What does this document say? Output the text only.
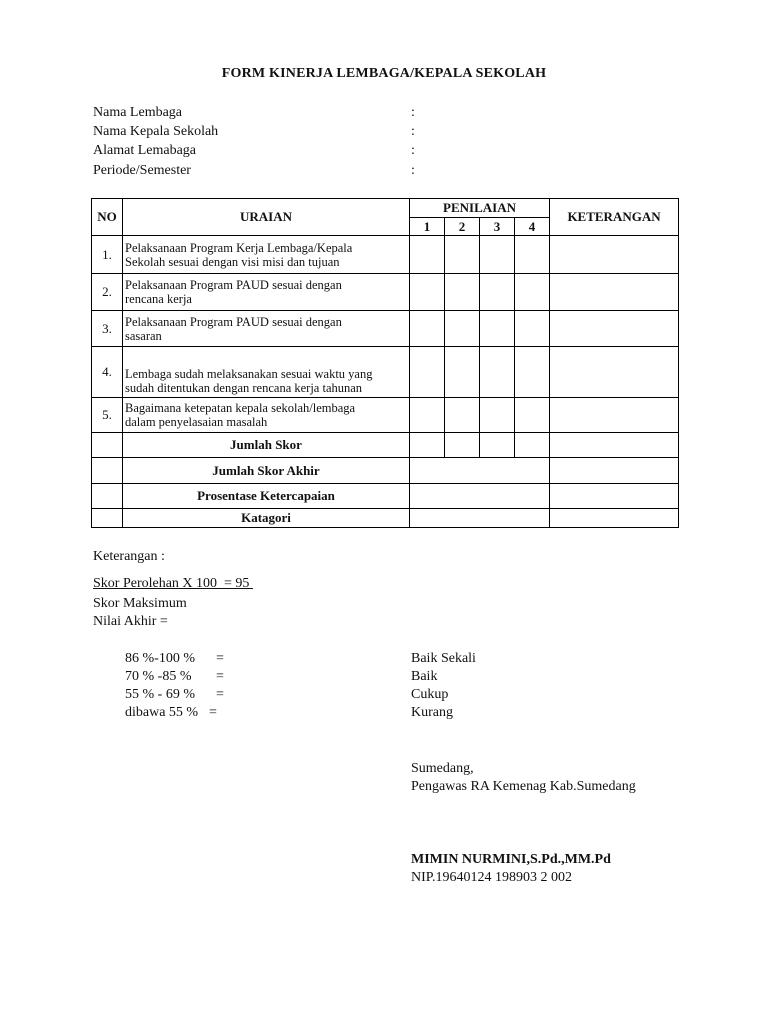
FORM KINERJA LEMBAGA/KEPALA SEKOLAH
Nama Lembaga	:
Nama Kepala Sekolah	:
Alamat Lemabaga	:
Periode/Semester	:
NO	URAIAN	PENILAIAN				KETERANGAN
		1	2	3	4	
1.	Pelaksanaan Program Kerja Lembaga/Kepala
Sekolah sesuai dengan visi misi dan tujuan					

2.	Pelaksanaan Program PAUD sesuai dengan
rencana kerja					

3.	Pelaksanaan Program PAUD sesuai dengan
sasaran					

4.	Lembaga sudah melaksanakan sesuai waktu yang
sudah ditentukan dengan rencana kerja tahunan					

5.	Bagaimana ketepatan kepala sekolah/lembaga
dalam penyelasaian masalah					

	Jumlah Skor					
	Jumlah Skor Akhir					
	Prosentase Ketercapaian					
	Katagori					
Keterangan :
Skor Perolehan X 100  = 95
Skor Maksimum
Nilai Akhir =
86 %-100 % =	Baik Sekali
70 % -85 % =	Baik
55 % - 69 % =	Cukup
dibawa 55 % =	Kurang
Sumedang,
Pengawas RA Kemenag Kab.Sumedang
MIMIN NURMINI,S.Pd.,MM.Pd
NIP.19640124 198903 2 002
